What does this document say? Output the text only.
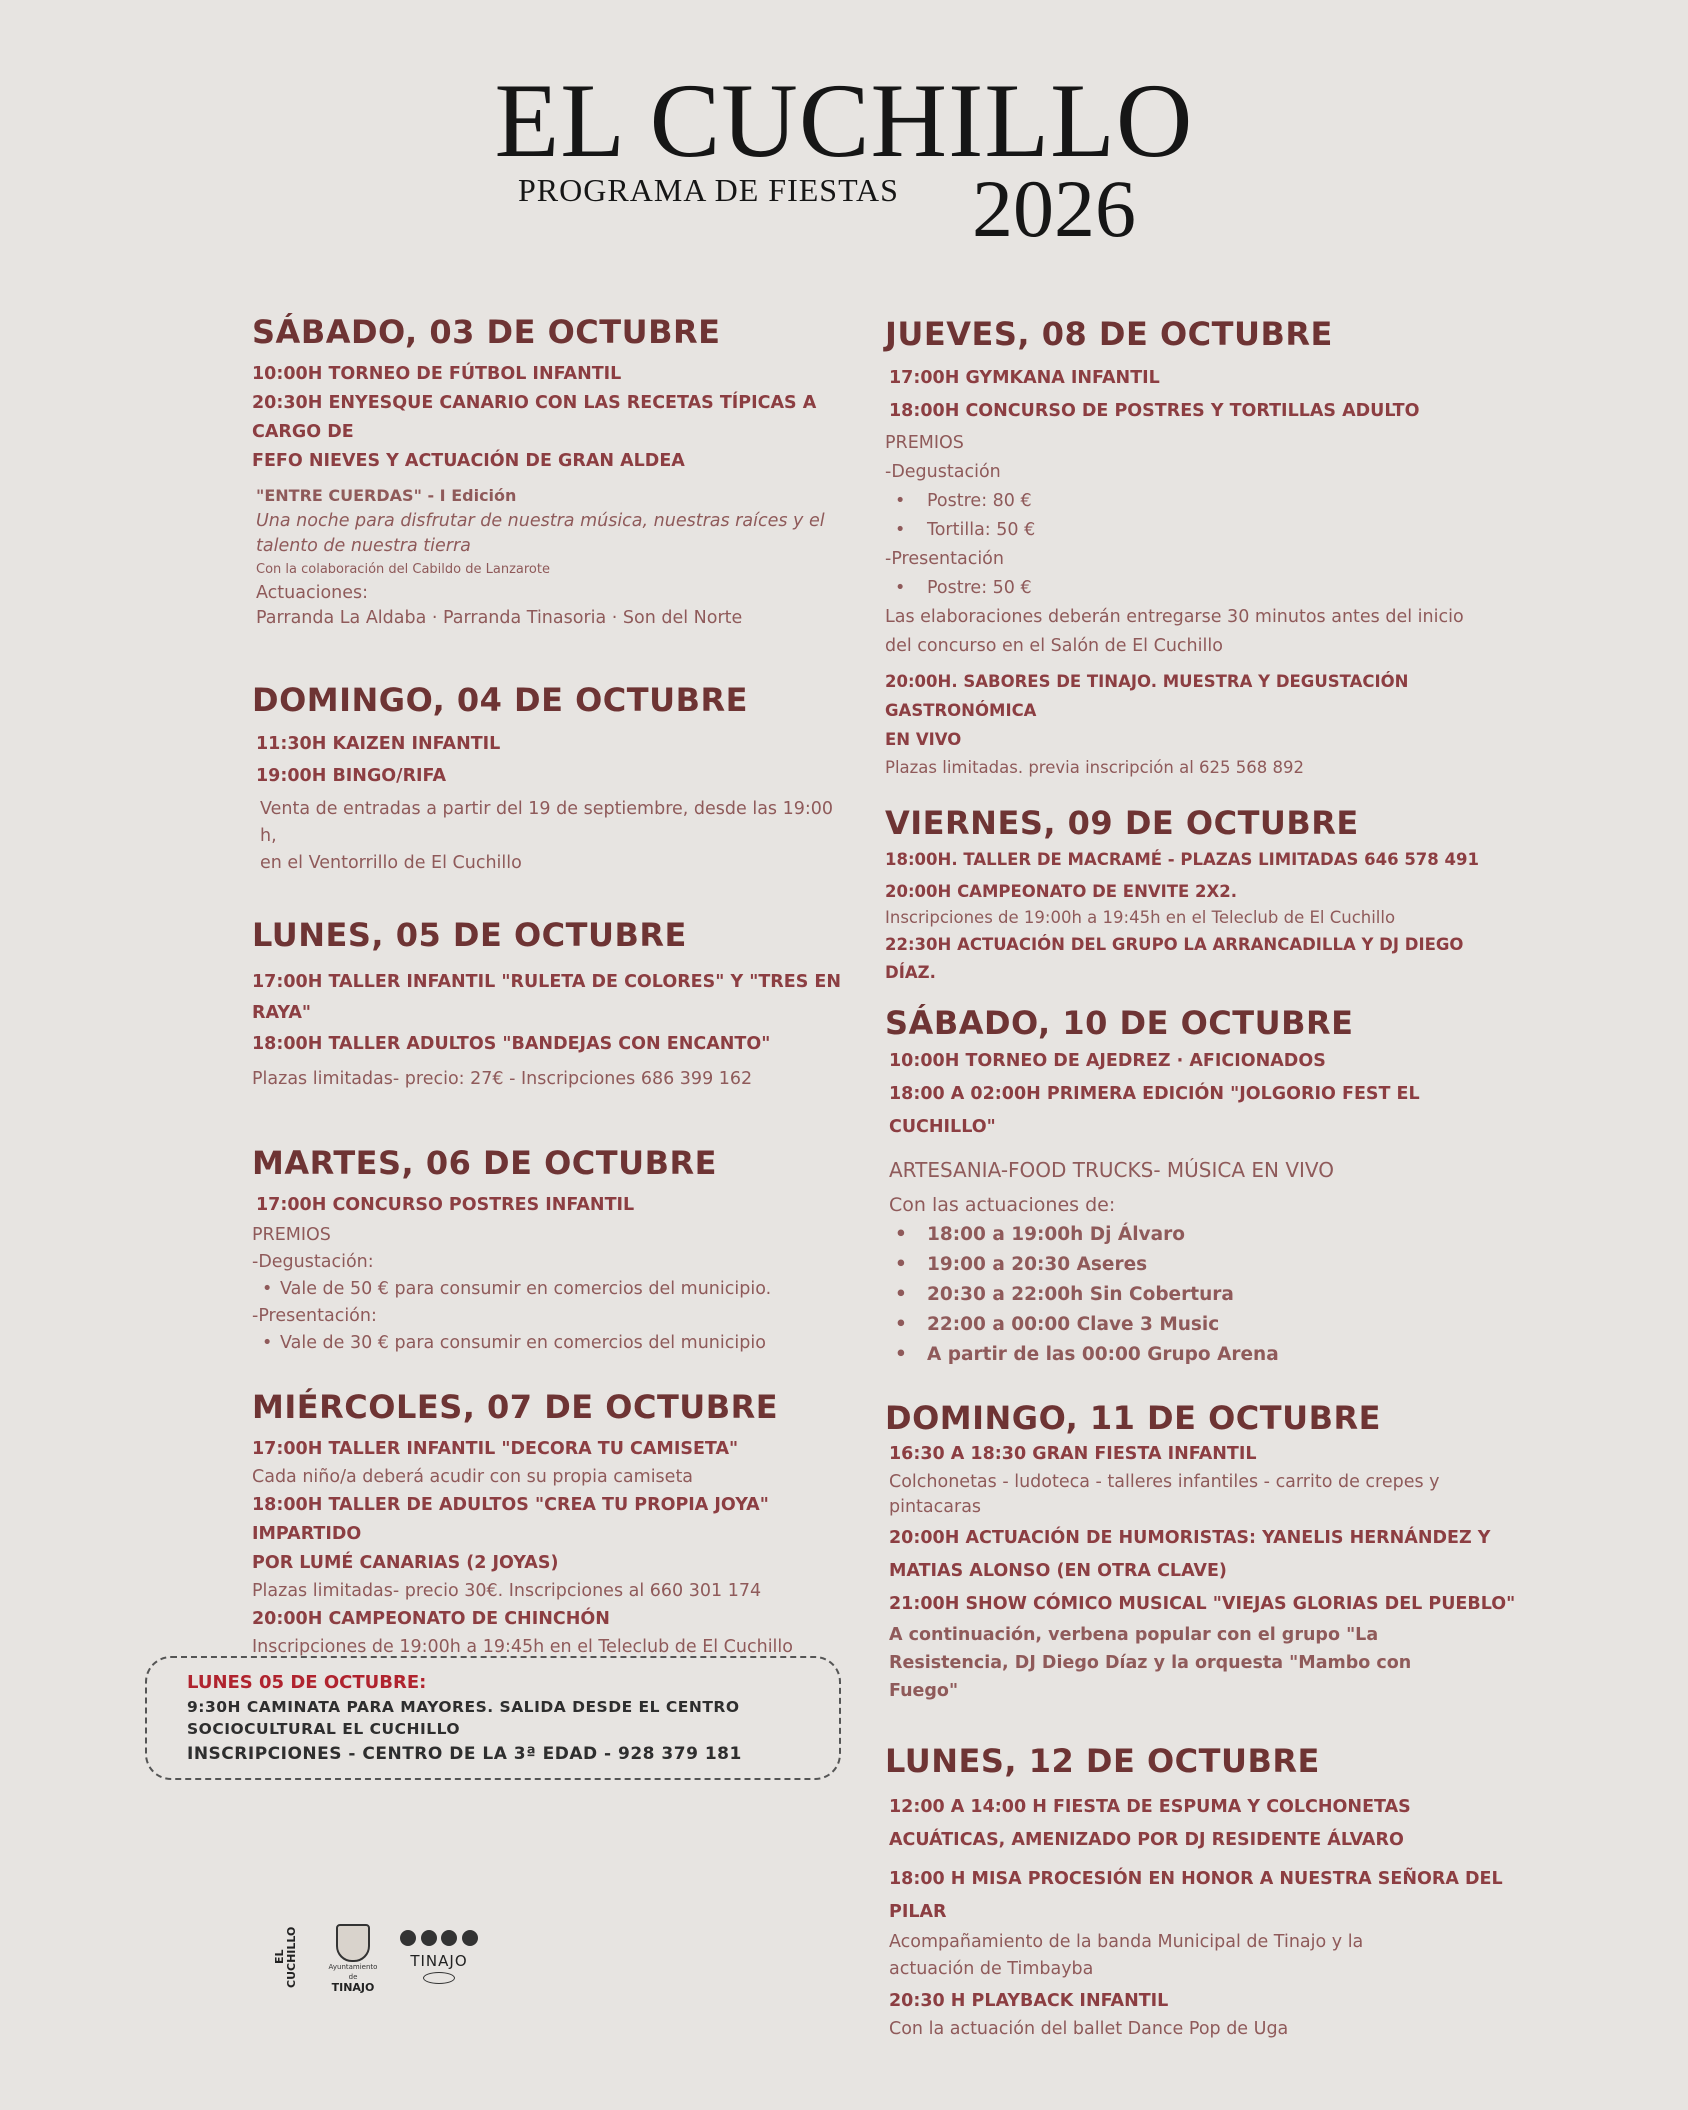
EL CUCHILLO
PROGRAMA DE FIESTAS 2026
SÁBADO, 03 DE OCTUBRE
10:00H TORNEO DE FÚTBOL INFANTIL
20:30H ENYESQUE CANARIO CON LAS RECETAS TÍPICAS A CARGO DE
FEFO NIEVES Y ACTUACIÓN DE GRAN ALDEA
"ENTRE CUERDAS" - I Edición
Una noche para disfrutar de nuestra música, nuestras raíces y el
talento de nuestra tierra
Con la colaboración del Cabildo de Lanzarote
Actuaciones:
Parranda La Aldaba · Parranda Tinasoria · Son del Norte
DOMINGO, 04 DE OCTUBRE
11:30H KAIZEN INFANTIL
19:00H BINGO/RIFA
Venta de entradas a partir del 19 de septiembre, desde las 19:00 h,
en el Ventorrillo de El Cuchillo
LUNES, 05 DE OCTUBRE
17:00H TALLER INFANTIL "RULETA DE COLORES" Y "TRES EN RAYA"
18:00H TALLER ADULTOS "BANDEJAS CON ENCANTO"
Plazas limitadas- precio: 27€ - Inscripciones 686 399 162
MARTES, 06 DE OCTUBRE
17:00H CONCURSO POSTRES INFANTIL
PREMIOS
-Degustación:
• Vale de 50 € para consumir en comercios del municipio.
-Presentación:
• Vale de 30 € para consumir en comercios del municipio
MIÉRCOLES, 07 DE OCTUBRE
17:00H TALLER INFANTIL "DECORA TU CAMISETA"
Cada niño/a deberá acudir con su propia camiseta
18:00H TALLER DE ADULTOS "CREA TU PROPIA JOYA" IMPARTIDO
POR LUMÉ CANARIAS (2 JOYAS)
Plazas limitadas- precio 30€. Inscripciones al 660 301 174
20:00H CAMPEONATO DE CHINCHÓN
Inscripciones de 19:00h a 19:45h en el Teleclub de El Cuchillo
LUNES 05 DE OCTUBRE:
9:30H CAMINATA PARA MAYORES. SALIDA DESDE EL CENTRO
SOCIOCULTURAL EL CUCHILLO
INSCRIPCIONES - CENTRO DE LA 3ª EDAD - 928 379 181
JUEVES, 08 DE OCTUBRE
17:00H GYMKANA INFANTIL
18:00H CONCURSO DE POSTRES Y TORTILLAS ADULTO
PREMIOS
-Degustación
• Postre: 80 €
• Tortilla: 50 €
-Presentación
• Postre: 50 €
Las elaboraciones deberán entregarse 30 minutos antes del inicio
del concurso en el Salón de El Cuchillo
20:00H. SABORES DE TINAJO. MUESTRA Y DEGUSTACIÓN GASTRONÓMICA
EN VIVO
Plazas limitadas. previa inscripción al 625 568 892
VIERNES, 09 DE OCTUBRE
18:00H. TALLER DE MACRAMÉ - PLAZAS LIMITADAS 646 578 491
20:00H CAMPEONATO DE ENVITE 2X2.
Inscripciones de 19:00h a 19:45h en el Teleclub de El Cuchillo
22:30H ACTUACIÓN DEL GRUPO LA ARRANCADILLA Y DJ DIEGO
DÍAZ.
SÁBADO, 10 DE OCTUBRE
10:00H TORNEO DE AJEDREZ · AFICIONADOS
18:00 A 02:00H PRIMERA EDICIÓN "JOLGORIO FEST EL CUCHILLO"
ARTESANIA-FOOD TRUCKS- MÚSICA EN VIVO
Con las actuaciones de:
• 18:00 a 19:00h Dj Álvaro
• 19:00 a 20:30 Aseres
• 20:30 a 22:00h Sin Cobertura
• 22:00 a 00:00 Clave 3 Music
• A partir de las 00:00 Grupo Arena
DOMINGO, 11 DE OCTUBRE
16:30 A 18:30 GRAN FIESTA INFANTIL
Colchonetas - ludoteca - talleres infantiles - carrito de crepes y
pintacaras
20:00H ACTUACIÓN DE HUMORISTAS: YANELIS HERNÁNDEZ Y
MATIAS ALONSO (EN OTRA CLAVE)
21:00H SHOW CÓMICO MUSICAL "VIEJAS GLORIAS DEL PUEBLO"
A continuación, verbena popular con el grupo "La
Resistencia, DJ Diego Díaz y la orquesta "Mambo con
Fuego"
LUNES, 12 DE OCTUBRE
12:00 A 14:00 H FIESTA DE ESPUMA Y COLCHONETAS
ACUÁTICAS, AMENIZADO POR DJ RESIDENTE ÁLVARO
18:00 H MISA PROCESIÓN EN HONOR A NUESTRA SEÑORA DEL
PILAR
Acompañamiento de la banda Municipal de Tinajo y la
actuación de Timbayba
20:30 H PLAYBACK INFANTIL
Con la actuación del ballet Dance Pop de Uga
EL CUCHILLO	Ayuntamiento de
TINAJO
TINAJO
